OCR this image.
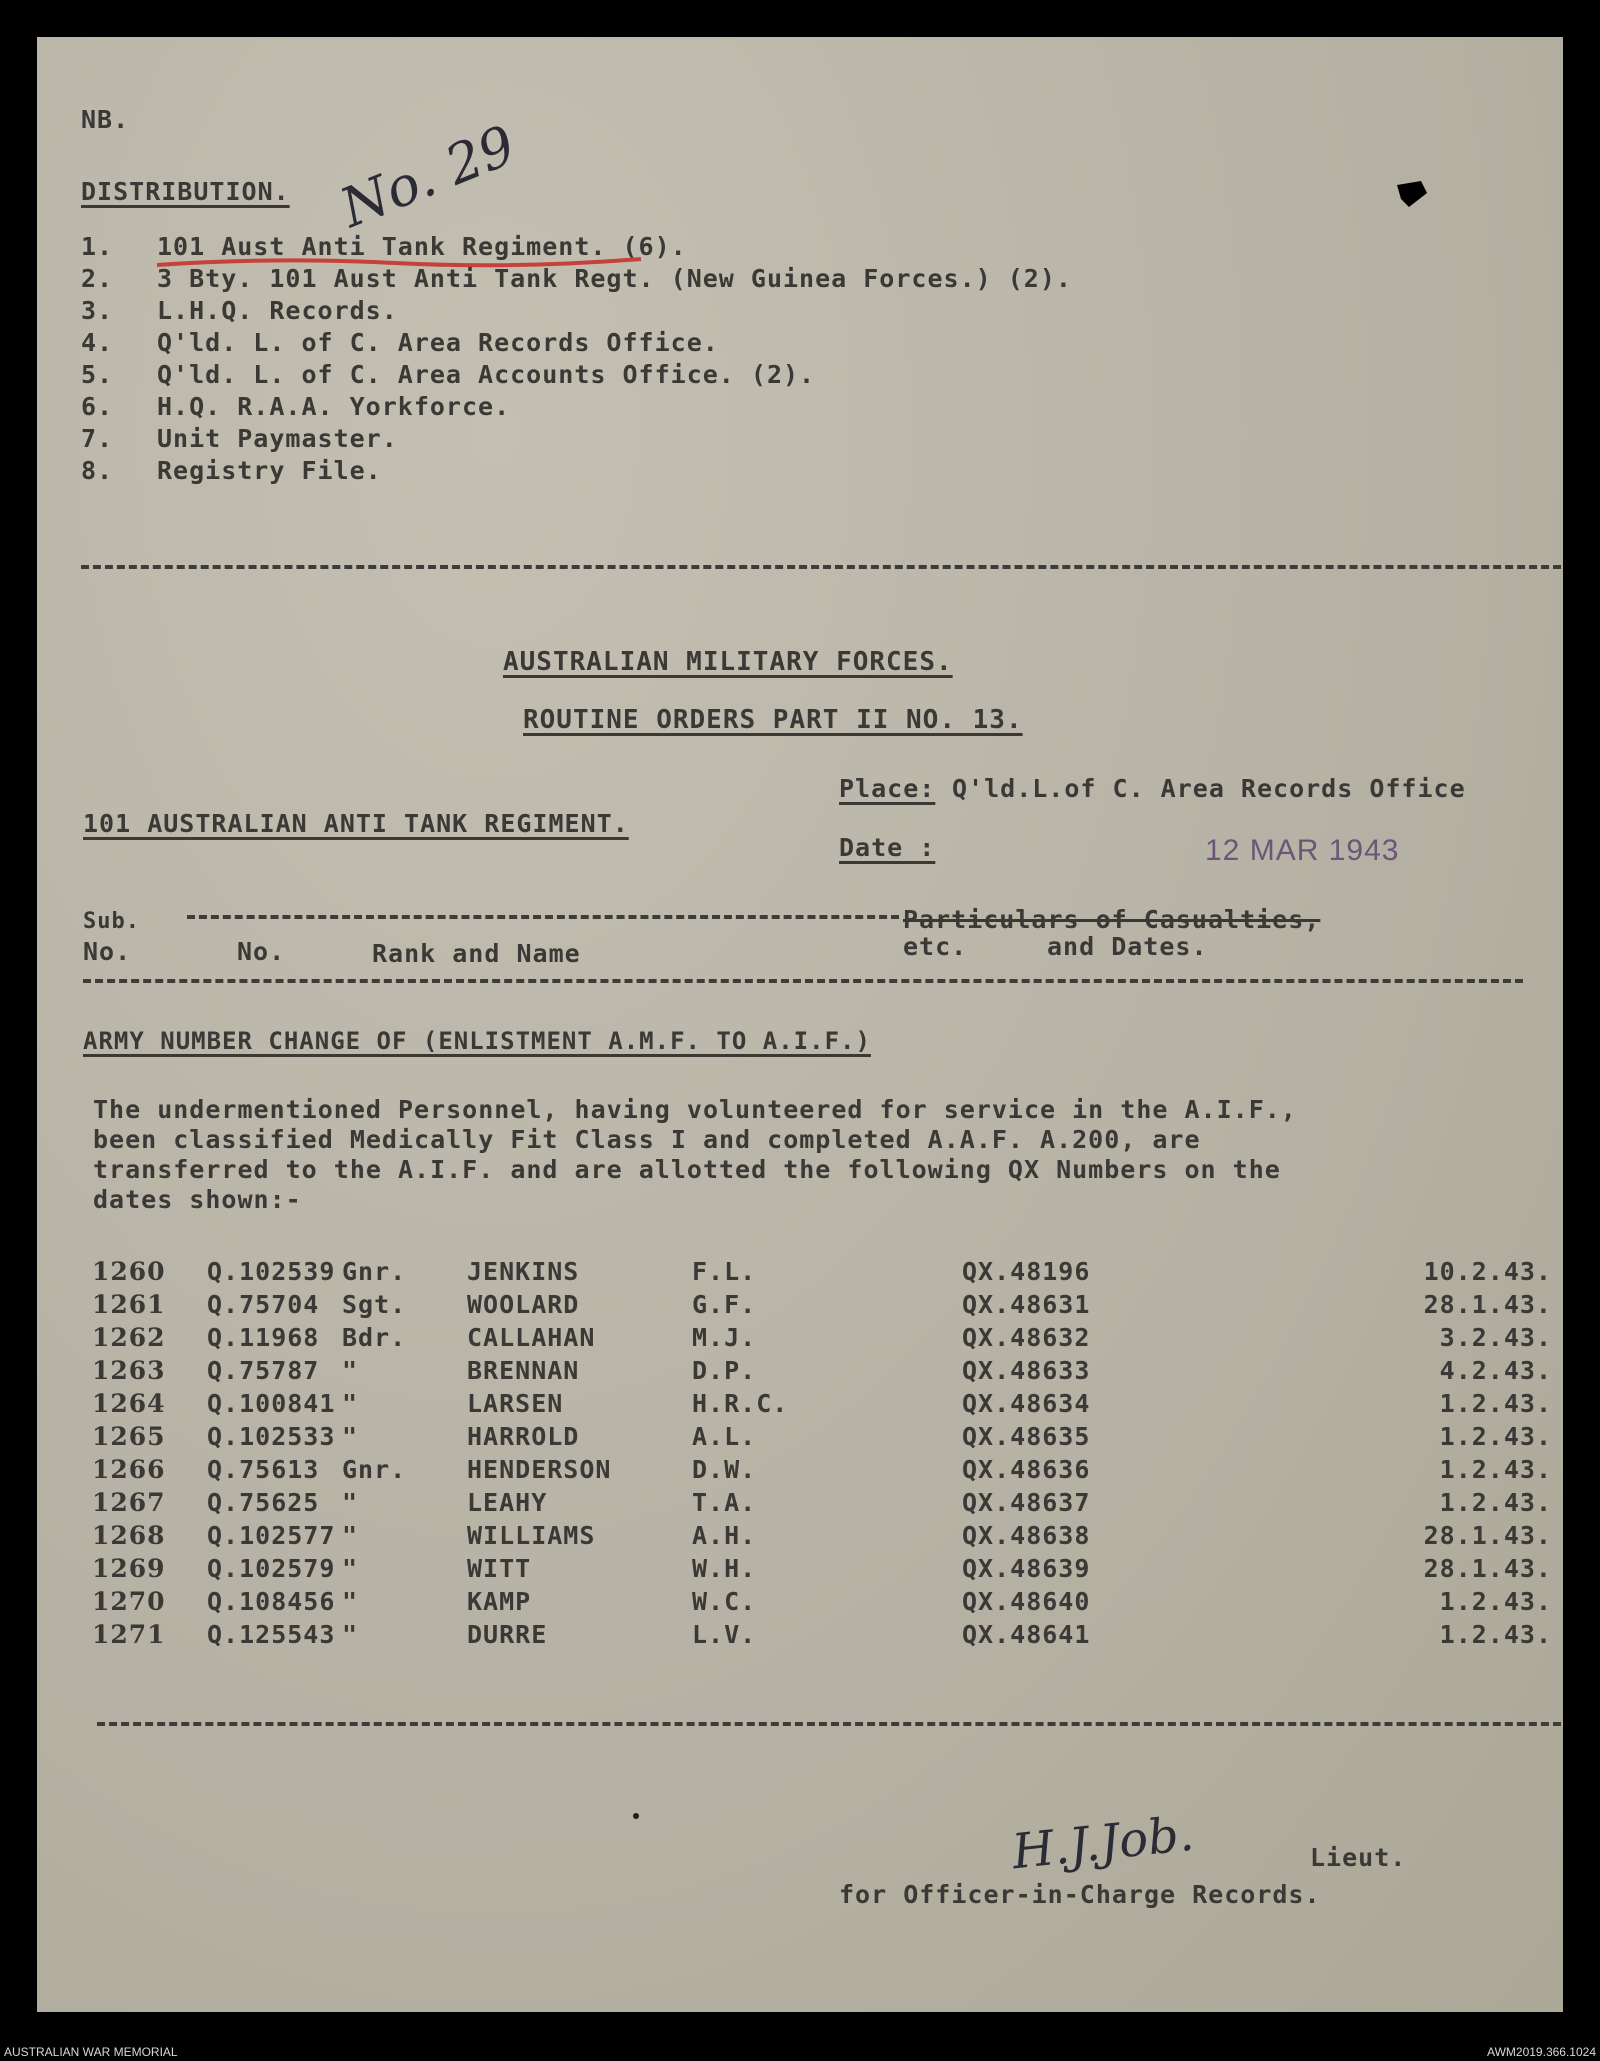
NB.
DISTRIBUTION. No. 29
1. 101 Aust Anti Tank Regiment. (6).
2. 3 Bty. 101 Aust Anti Tank Regt. (New Guinea Forces.) (2).
3. L.H.Q. Records.
4. Q'ld. L. of C. Area Records Office.
5. Q'ld. L. of C. Area Accounts Office. (2).
6. H.Q. R.A.A. Yorkforce.
7. Unit Paymaster.
8. Registry File.
AUSTRALIAN MILITARY FORCES.
ROUTINE ORDERS PART II NO. 13.
Place: Q'ld.L.of C. Area Records Office
101 AUSTRALIAN ANTI TANK REGIMENT.
Date :	12 MAR 1943
Sub.
No.	No.	Rank and Name
Particulars of Casualties,
etc.	and Dates.
ARMY NUMBER CHANGE OF (ENLISTMENT A.M.F. TO A.I.F.)
The undermentioned Personnel, having volunteered for service in the A.I.F.,
been classified Medically Fit Class I and completed A.A.F. A.200, are
transferred to the A.I.F. and are allotted the following QX Numbers on the
dates shown:-
1260 Q.102539 Gnr. JENKINS	F.L.	QX.48196	10.2.43.
1261 Q.75704 Sgt. WOOLARD	G.F.	QX.48631	28.1.43.
1262 Q.11968 Bdr. CALLAHAN	M.J.	QX.48632	3.2.43.
1263 Q.75787 "	BRENNAN	D.P.	QX.48633	4.2.43.
1264 Q.100841 "	LARSEN	H.R.C.	QX.48634	1.2.43.
1265 Q.102533 "	HARROLD	A.L.	QX.48635	1.2.43.
1266 Q.75613 Gnr. HENDERSON	D.W.	QX.48636	1.2.43.
1267 Q.75625 "	LEAHY	T.A.	QX.48637	1.2.43.
1268 Q.102577 "	WILLIAMS	A.H.	QX.48638	28.1.43.
1269 Q.102579 "	WITT	W.H.	QX.48639	28.1.43.
1270 Q.108456 "	KAMP	W.C.	QX.48640	1.2.43.
1271 Q.125543 "	DURRE	L.V.	QX.48641	1.2.43.
H.J.Job.	Lieut.
for Officer-in-Charge Records.
AUSTRALIAN WAR MEMORIAL	AWM2019.366.1024
